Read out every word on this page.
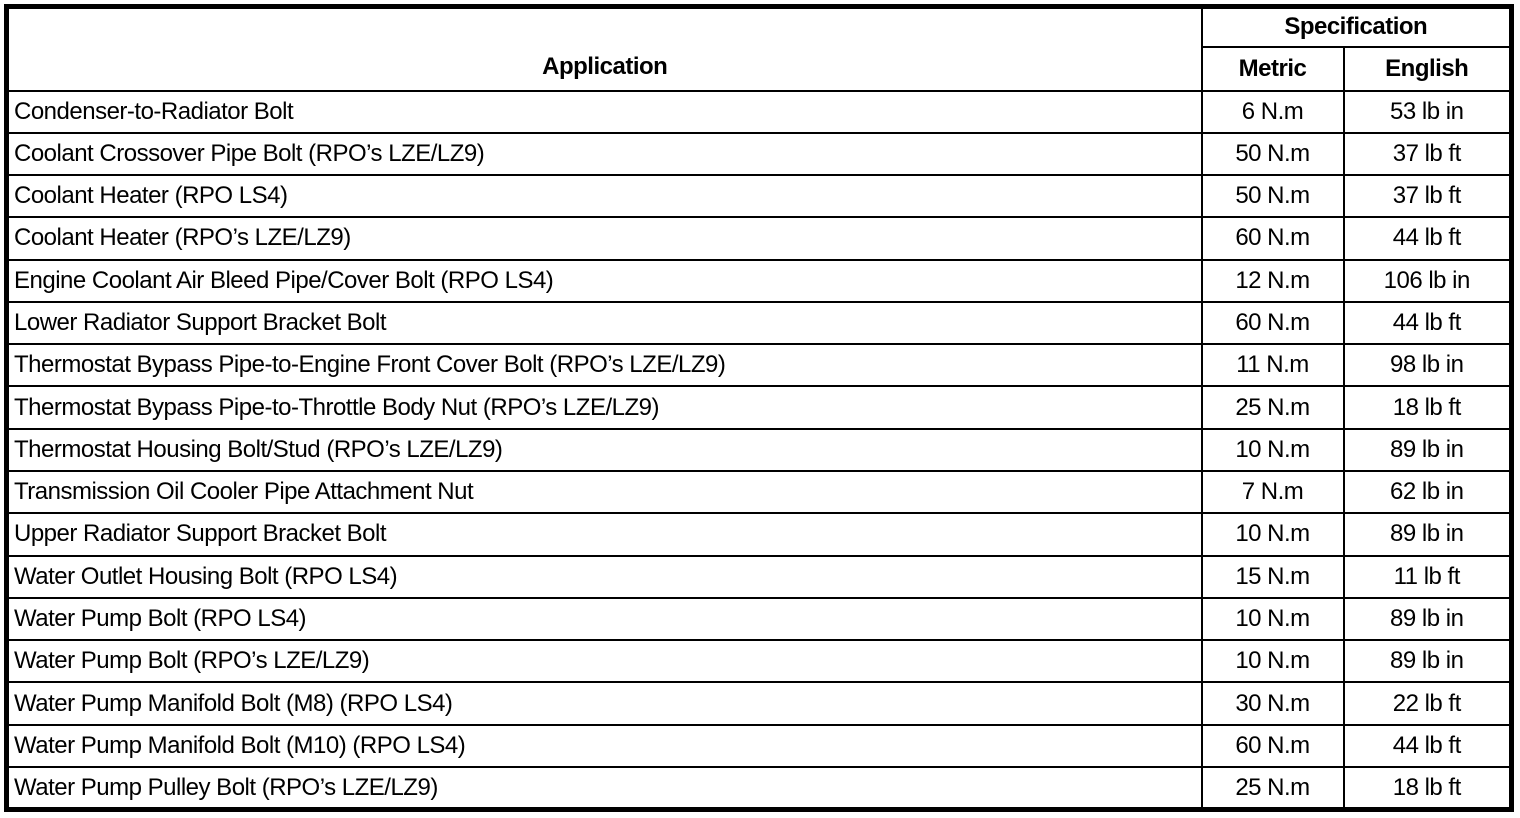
Application	Specification	
	Metric	English
Condenser-to-Radiator Bolt	6 N.m	53 lb in
Coolant Crossover Pipe Bolt (RPO’s LZE/LZ9)	50 N.m	37 lb ft
Coolant Heater (RPO LS4)	50 N.m	37 lb ft
Coolant Heater (RPO’s LZE/LZ9)	60 N.m	44 lb ft
Engine Coolant Air Bleed Pipe/Cover Bolt (RPO LS4)	12 N.m	106 lb in
Lower Radiator Support Bracket Bolt	60 N.m	44 lb ft
Thermostat Bypass Pipe-to-Engine Front Cover Bolt (RPO’s LZE/LZ9)	11 N.m	98 lb in
Thermostat Bypass Pipe-to-Throttle Body Nut (RPO’s LZE/LZ9)	25 N.m	18 lb ft
Thermostat Housing Bolt/Stud (RPO’s LZE/LZ9)	10 N.m	89 lb in
Transmission Oil Cooler Pipe Attachment Nut	7 N.m	62 lb in
Upper Radiator Support Bracket Bolt	10 N.m	89 lb in
Water Outlet Housing Bolt (RPO LS4)	15 N.m	11 lb ft
Water Pump Bolt (RPO LS4)	10 N.m	89 lb in
Water Pump Bolt (RPO’s LZE/LZ9)	10 N.m	89 lb in
Water Pump Manifold Bolt (M8) (RPO LS4)	30 N.m	22 lb ft
Water Pump Manifold Bolt (M10) (RPO LS4)	60 N.m	44 lb ft
Water Pump Pulley Bolt (RPO’s LZE/LZ9)	25 N.m	18 lb ft
